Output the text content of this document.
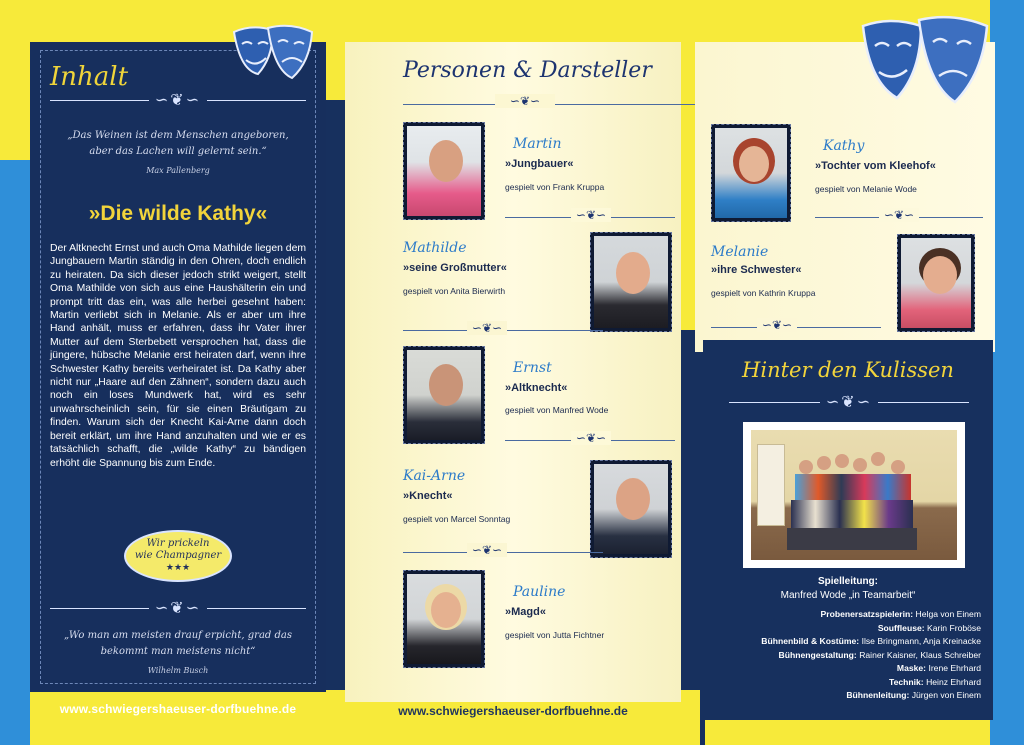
Inhalt
∽❦∽
„Das Weinen ist dem Menschen angeboren, aber das Lachen will gelernt sein.“
Max Pallenberg
»Die wilde Kathy«
Der Altknecht Ernst und auch Oma Mathilde liegen dem Jungbauern Martin ständig in den Ohren, doch endlich zu heiraten. Da sich dieser jedoch strikt weigert, stellt Oma Mathilde von sich aus eine Haushälterin ein und prompt tritt das ein, was alle herbei gesehnt haben: Martin verliebt sich in Melanie. Als er aber um ihre Hand anhält, muss er erfahren, dass ihr Vater ihrer Mutter auf dem Sterbebett versprochen hat, dass die jüngere, hübsche Melanie erst heiraten darf, wenn ihre Schwester Kathy bereits verheiratet ist. Da Kathy aber nicht nur „Haare auf den Zähnen“, sondern dazu auch noch ein loses Mundwerk hat, wird es sehr unwahrscheinlich sein, für sie einen Bräutigam zu finden. Warum sich der Knecht Kai-Arne dann doch bereit erklärt, um ihre Hand anzuhalten und wie er es tatsächlich schafft, die „wilde Kathy“ zu bändigen erhöht die Spannung bis zum Ende.
Wir prickeln
wie Champagner
★★★
∽❦∽
„Wo man am meisten drauf erpicht, grad das bekommt man meistens nicht“
Wilhelm Busch
www.schwiegershaeuser-dorfbuehne.de
Personen & Darsteller
∽❦∽
Martin
»Jungbauer«
gespielt von Frank Kruppa
∽❦∽
Mathilde
»seine Großmutter«
gespielt von Anita Bierwirth
∽❦∽
Ernst
»Altknecht«
gespielt von Manfred Wode
∽❦∽
Kai-Arne
»Knecht«
gespielt von Marcel Sonntag
∽❦∽
Pauline
»Magd«
gespielt von Jutta Fichtner
www.schwiegershaeuser-dorfbuehne.de
Kathy
»Tochter vom Kleehof«
gespielt von Melanie Wode
∽❦∽
Melanie
»ihre Schwester«
gespielt von Kathrin Kruppa
∽❦∽
Hinter den Kulissen
∽❦∽
Spielleitung:
Manfred Wode „in Teamarbeit“
Probenersatzspielerin: Helga von Einem
Souffleuse: Karin Froböse
Bühnenbild & Kostüme: Ilse Bringmann, Anja Kreinacke
Bühnengestaltung: Rainer Kaisner, Klaus Schreiber
Maske: Irene Ehrhard
Technik: Heinz Ehrhard
Bühnenleitung: Jürgen von Einem
